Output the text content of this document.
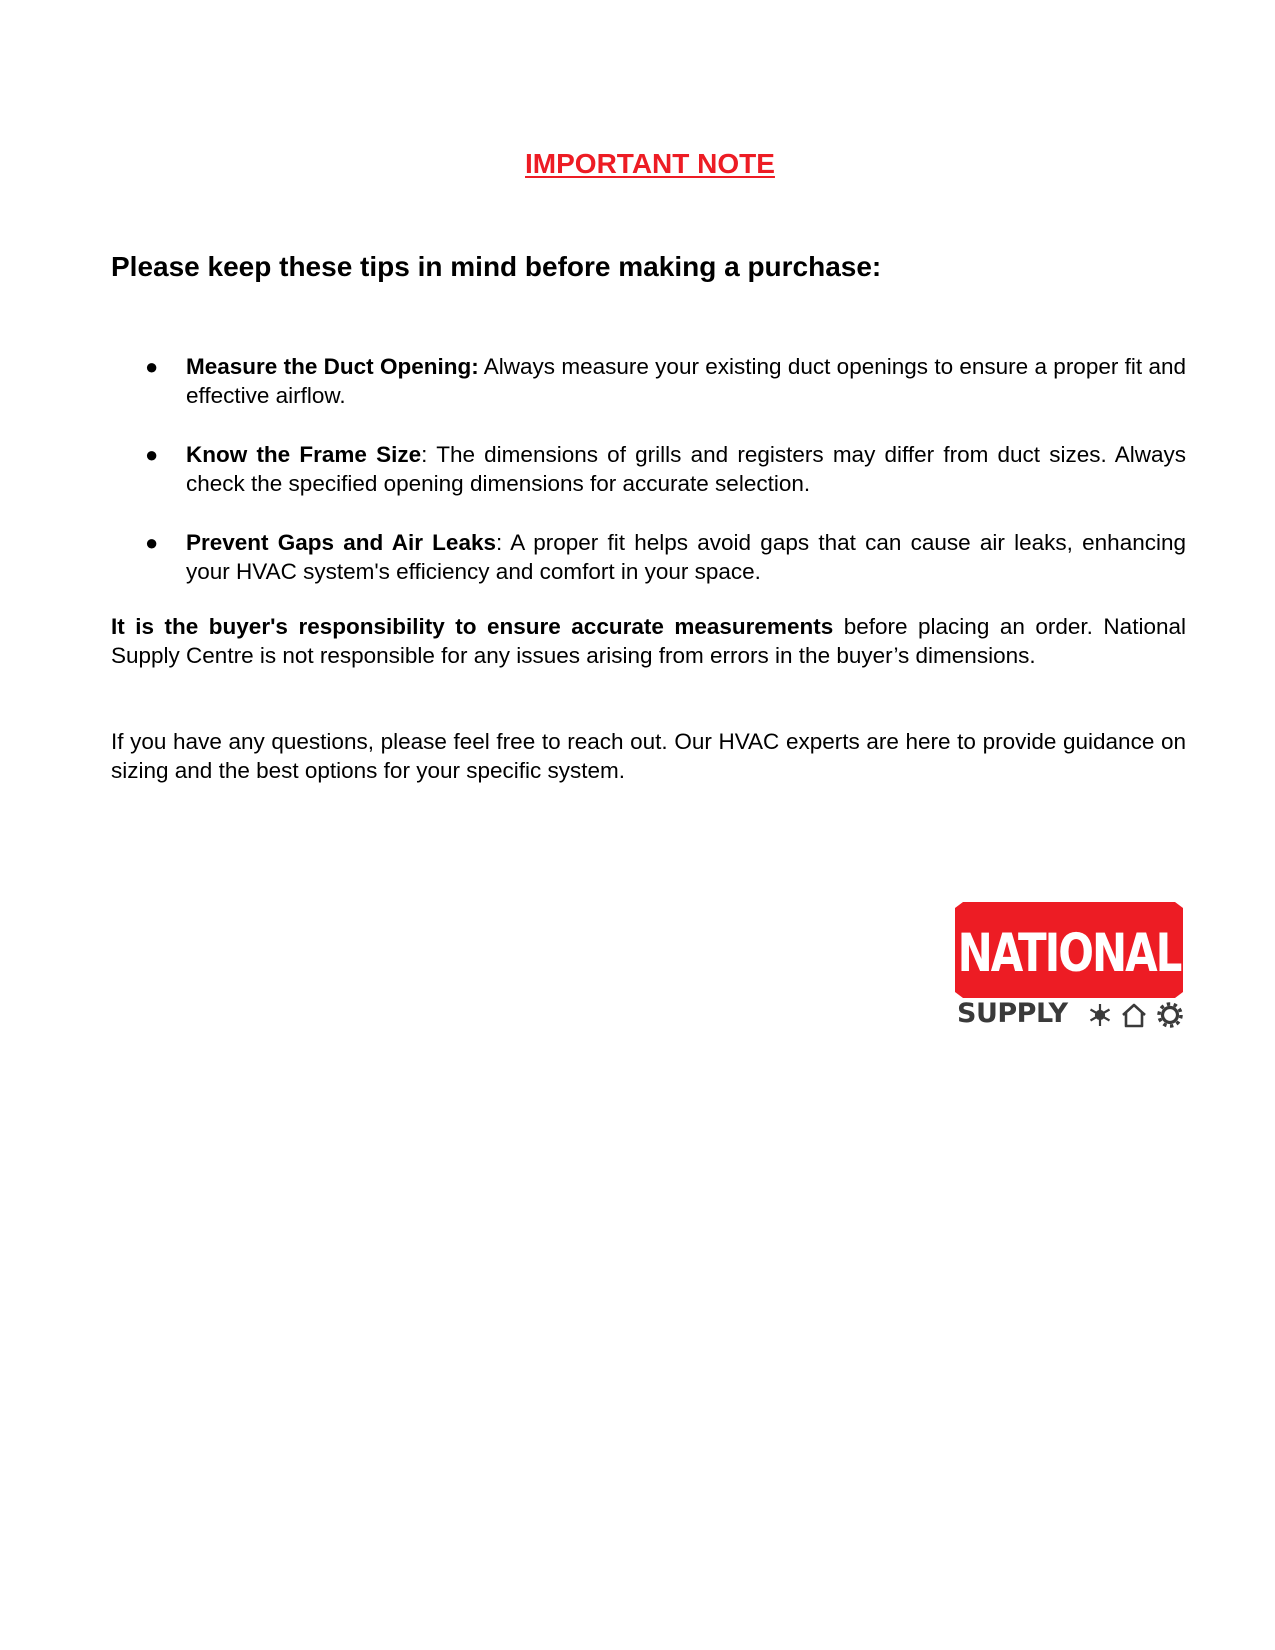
IMPORTANT NOTE
Please keep these tips in mind before making a purchase:
● Measure the Duct Opening: Always measure your existing duct openings to ensure a proper fit and effective airflow.
● Know the Frame Size: The dimensions of grills and registers may differ from duct sizes. Always check the specified opening dimensions for accurate selection.
● Prevent Gaps and Air Leaks: A proper fit helps avoid gaps that can cause air leaks, enhancing your HVAC system's efficiency and comfort in your space.

It is the buyer's responsibility to ensure accurate measurements before placing an order. National Supply Centre is not responsible for any issues arising from errors in the buyer’s dimensions.

If you have any questions, please feel free to reach out. Our HVAC experts are here to provide guidance on sizing and the best options for your specific system.

NATIONAL
SUPPLY
